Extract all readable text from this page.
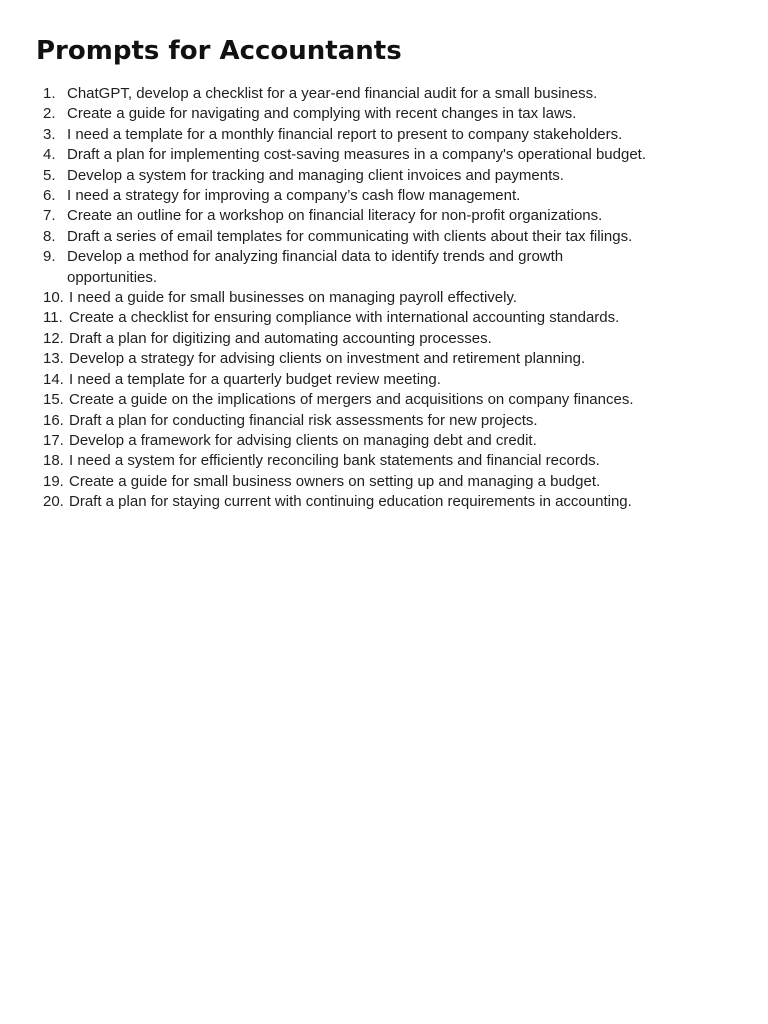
Prompts for Accountants
1. ChatGPT, develop a checklist for a year-end financial audit for a small business.
2. Create a guide for navigating and complying with recent changes in tax laws.
3. I need a template for a monthly financial report to present to company stakeholders.
4. Draft a plan for implementing cost-saving measures in a company's operational budget.
5. Develop a system for tracking and managing client invoices and payments.
6. I need a strategy for improving a company’s cash flow management.
7. Create an outline for a workshop on financial literacy for non-profit organizations.
8. Draft a series of email templates for communicating with clients about their tax filings.
9. Develop a method for analyzing financial data to identify trends and growth opportunities.
10. I need a guide for small businesses on managing payroll effectively.
11. Create a checklist for ensuring compliance with international accounting standards.
12. Draft a plan for digitizing and automating accounting processes.
13. Develop a strategy for advising clients on investment and retirement planning.
14. I need a template for a quarterly budget review meeting.
15. Create a guide on the implications of mergers and acquisitions on company finances.
16. Draft a plan for conducting financial risk assessments for new projects.
17. Develop a framework for advising clients on managing debt and credit.
18. I need a system for efficiently reconciling bank statements and financial records.
19. Create a guide for small business owners on setting up and managing a budget.
20. Draft a plan for staying current with continuing education requirements in accounting.
